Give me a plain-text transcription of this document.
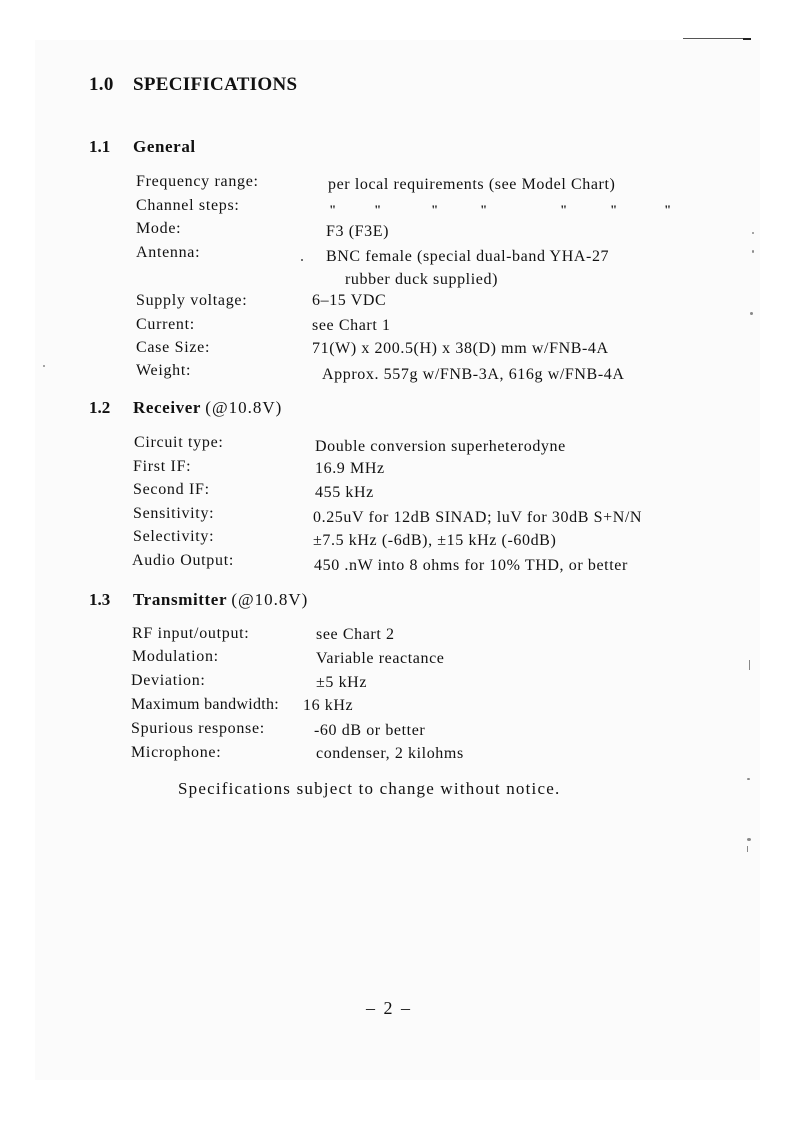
1.0 SPECIFICATIONS
1.1 General
Frequency range:	per local requirements (see Model Chart)
Channel steps:	"	"	"	"	"	"	"
Mode:	F3 (F3E)
Antenna:	BNC female (special dual-band YHA-27
rubber duck supplied)
Supply voltage:	6–15 VDC
Current:	see Chart 1
Case Size:	71(W) x 200.5(H) x 38(D) mm w/FNB-4A
Weight:	Approx. 557g w/FNB-3A, 616g w/FNB-4A
1.2 Receiver (@10.8V)
Circuit type:	Double conversion superheterodyne
First IF:	16.9 MHz
Second IF:	455 kHz
Sensitivity:	0.25uV for 12dB SINAD; luV for 30dB S+N/N
Selectivity:	±7.5 kHz (-6dB), ±15 kHz (-60dB)
Audio Output:	450 .nW into 8 ohms for 10% THD, or better
1.3 Transmitter (@10.8V)
RF input/output:	see Chart 2
Modulation:	Variable reactance
Deviation:	±5 kHz
Maximum bandwidth: 16 kHz
Spurious response:	-60 dB or better
Microphone:	condenser, 2 kilohms
Specifications subject to change without notice.
– 2 –
